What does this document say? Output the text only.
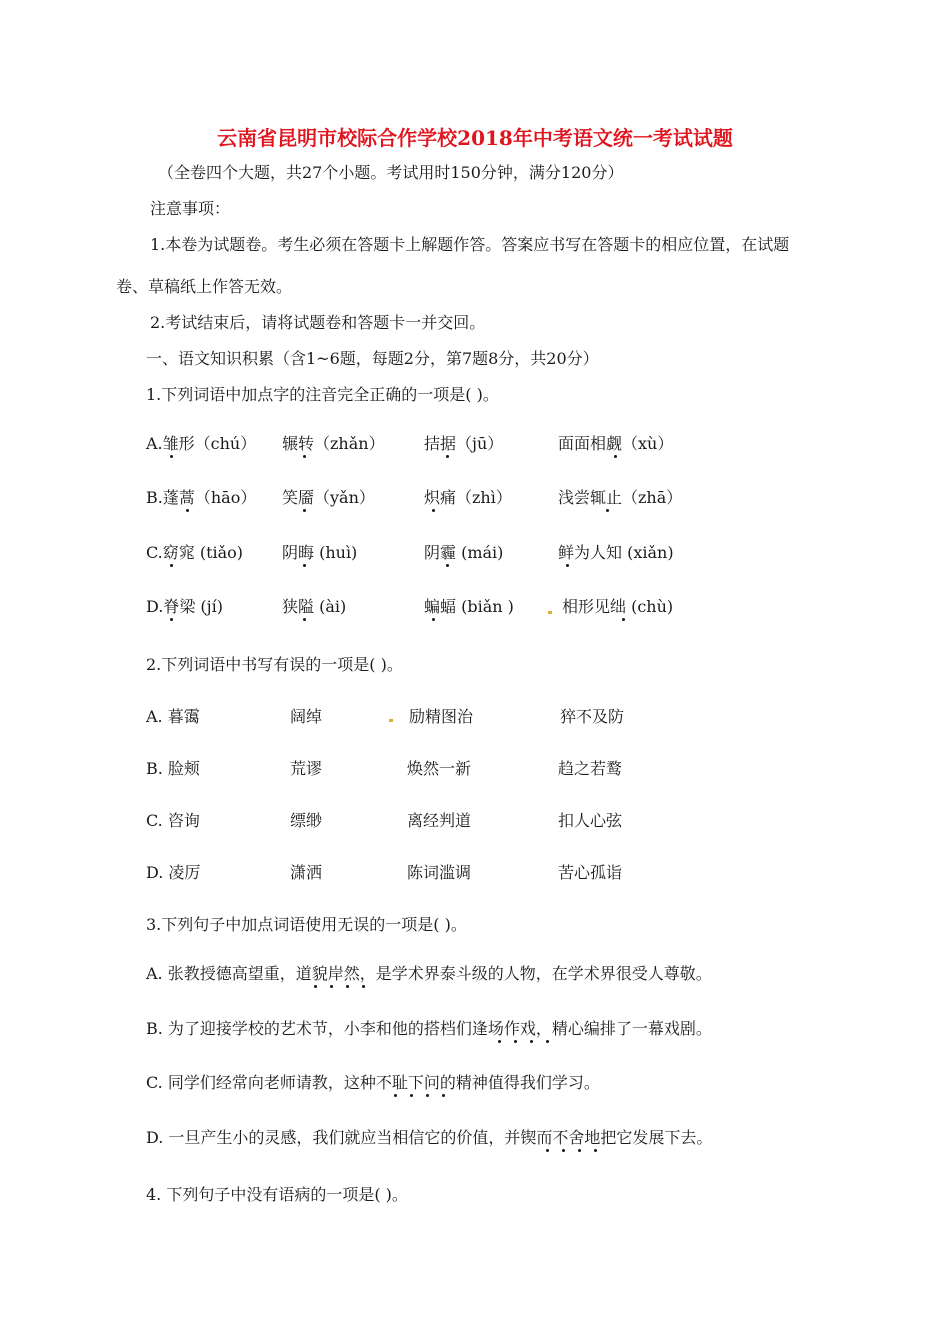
云南省昆明市校际合作学校2018年中考语文统一考试试题
（全卷四个大题，共27个小题。考试用时150分钟，满分120分）
注意事项：
1.本卷为试题卷。考生必须在答题卡上解题作答。答案应书写在答题卡的相应位置，在试题
卷、草稿纸上作答无效。
2.考试结束后，请将试题卷和答题卡一并交回。
一、语文知识积累（含1~6题，每题2分，第7题8分，共20分）
1.下列词语中加点字的注音完全正确的一项是( )。
A.雏形（chú） 辗转（zhǎn） 拮据（jū）	面面相觑（xù）
B.蓬蒿（hāo） 笑靥（yǎn）	炽痛（zhì）	浅尝辄止（zhā）
C.窈窕 (tiǎo) 阴晦 (huì)	阴霾 (mái)	鲜为人知 (xiǎn)
D.脊梁 (jí)	狭隘 (ài)	蝙蝠 (biǎn )	相形见绌 (chù)
2.下列词语中书写有误的一项是( )。
A. 暮霭	阔绰	励精图治	猝不及防
B. 脸颊	荒谬	焕然一新	趋之若鹜
C. 咨询	缥缈	离经判道	扣人心弦
D. 凌厉	潇洒	陈词滥调	苦心孤诣
3.下列句子中加点词语使用无误的一项是( )。
A. 张教授德高望重，道貌岸然，是学术界泰斗级的人物，在学术界很受人尊敬。
B. 为了迎接学校的艺术节，小李和他的搭档们逢场作戏，精心编排了一幕戏剧。
C. 同学们经常向老师请教，这种不耻下问的精神值得我们学习。
D. 一旦产生小的灵感，我们就应当相信它的价值，并锲而不舍地把它发展下去。
4. 下列句子中没有语病的一项是( )。
